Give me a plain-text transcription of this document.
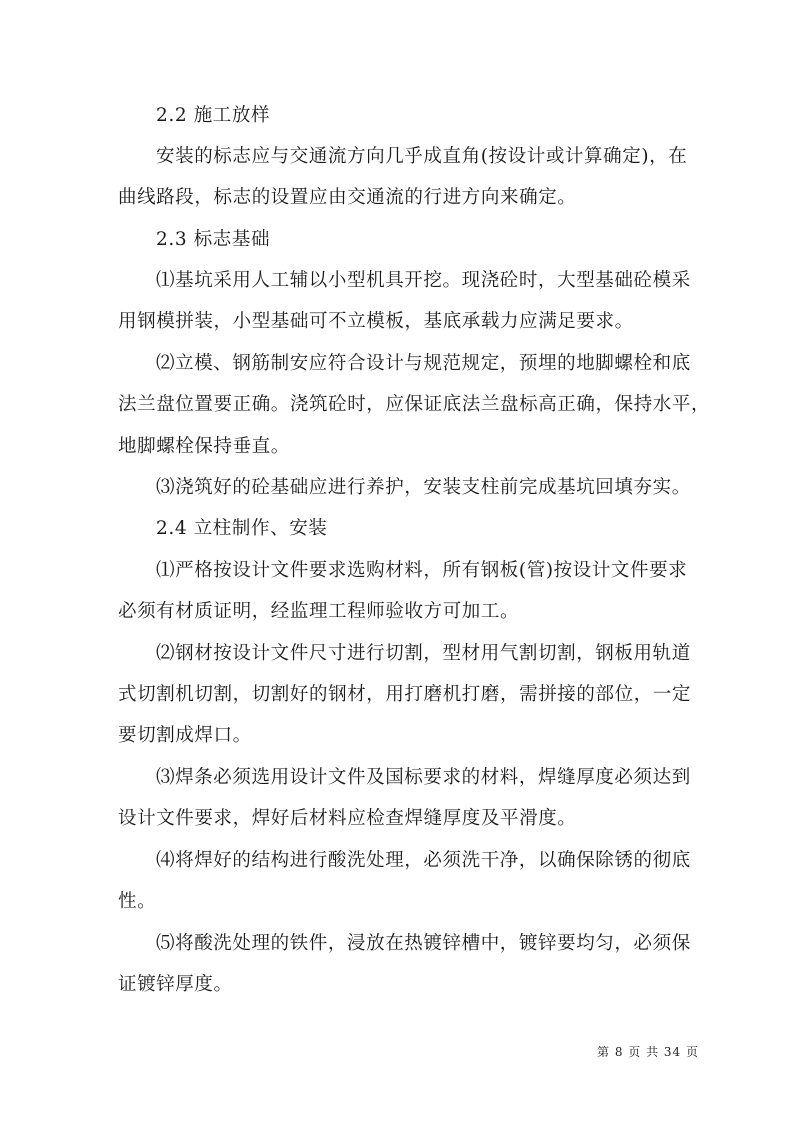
2.2 施工放样
安装的标志应与交通流方向几乎成直角(按设计或计算确定)，在
曲线路段，标志的设置应由交通流的行进方向来确定。
2.3 标志基础
⑴基坑采用人工辅以小型机具开挖。现浇砼时，大型基础砼模采
用钢模拼装，小型基础可不立模板，基底承载力应满足要求。
⑵立模、钢筋制安应符合设计与规范规定，预埋的地脚螺栓和底
法兰盘位置要正确。浇筑砼时，应保证底法兰盘标高正确，保持水平，
地脚螺栓保持垂直。
⑶浇筑好的砼基础应进行养护，安装支柱前完成基坑回填夯实。
2.4 立柱制作、安装
⑴严格按设计文件要求选购材料，所有钢板(管)按设计文件要求
必须有材质证明，经监理工程师验收方可加工。
⑵钢材按设计文件尺寸进行切割，型材用气割切割，钢板用轨道
式切割机切割，切割好的钢材，用打磨机打磨，需拼接的部位，一定
要切割成焊口。
⑶焊条必须选用设计文件及国标要求的材料，焊缝厚度必须达到
设计文件要求，焊好后材料应检查焊缝厚度及平滑度。
⑷将焊好的结构进行酸洗处理，必须洗干净，以确保除锈的彻底
性。
⑸将酸洗处理的铁件，浸放在热镀锌槽中，镀锌要均匀，必须保
证镀锌厚度。
第 8 页 共 34 页
